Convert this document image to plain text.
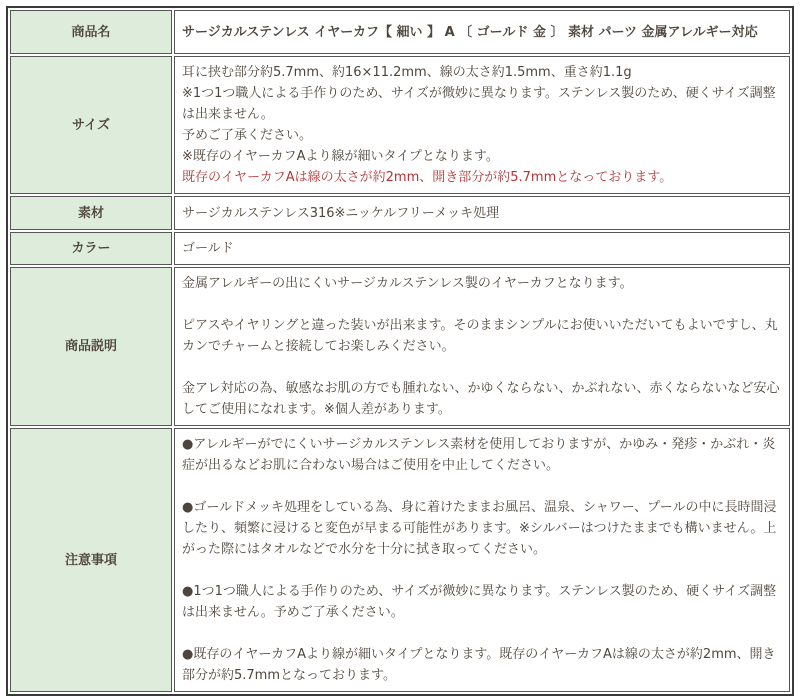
商品名	サージカルステンレス イヤーカフ【 細い 】 A 〔 ゴールド 金 〕 素材 パーツ 金属アレルギー対応
サイズ	耳に挟む部分約5.7mm、約16×11.2mm、線の太さ約1.5mm、重さ約1.1g
※1つ1つ職人による手作りのため、サイズが微妙に異なります。ステンレス製のため、硬くサイズ調整は出来ません。
予めご了承ください。
※既存のイヤーカフAより線が細いタイプとなります。
既存のイヤーカフAは線の太さが約2mm、開き部分が約5.7mmとなっております。

素材	サージカルステンレス316※ニッケルフリーメッキ処理
カラー	ゴールド
商品説明	金属アレルギーの出にくいサージカルステンレス製のイヤーカフとなります。

ピアスやイヤリングと違った装いが出来ます。そのままシンプルにお使いいただいてもよいですし、丸カンでチャームと接続してお楽しみください。

金アレ対応の為、敏感なお肌の方でも腫れない、かゆくならない、かぶれない、赤くならないなど安心してご使用になれます。※個人差があります。

注意事項	●アレルギーがでにくいサージカルステンレス素材を使用しておりますが、かゆみ・発疹・かぶれ・炎症が出るなどお肌に合わない場合はご使用を中止してください。

●ゴールドメッキ処理をしている為、身に着けたままお風呂、温泉、シャワー、プールの中に長時間浸したり、頻繁に浸けると変色が早まる可能性があります。※シルバーはつけたままでも構いません。上がった際にはタオルなどで水分を十分に拭き取ってください。

●1つ1つ職人による手作りのため、サイズが微妙に異なります。ステンレス製のため、硬くサイズ調整は出来ません。予めご了承ください。

●既存のイヤーカフAより線が細いタイプとなります。既存のイヤーカフAは線の太さが約2mm、開き部分が約5.7mmとなっております。
